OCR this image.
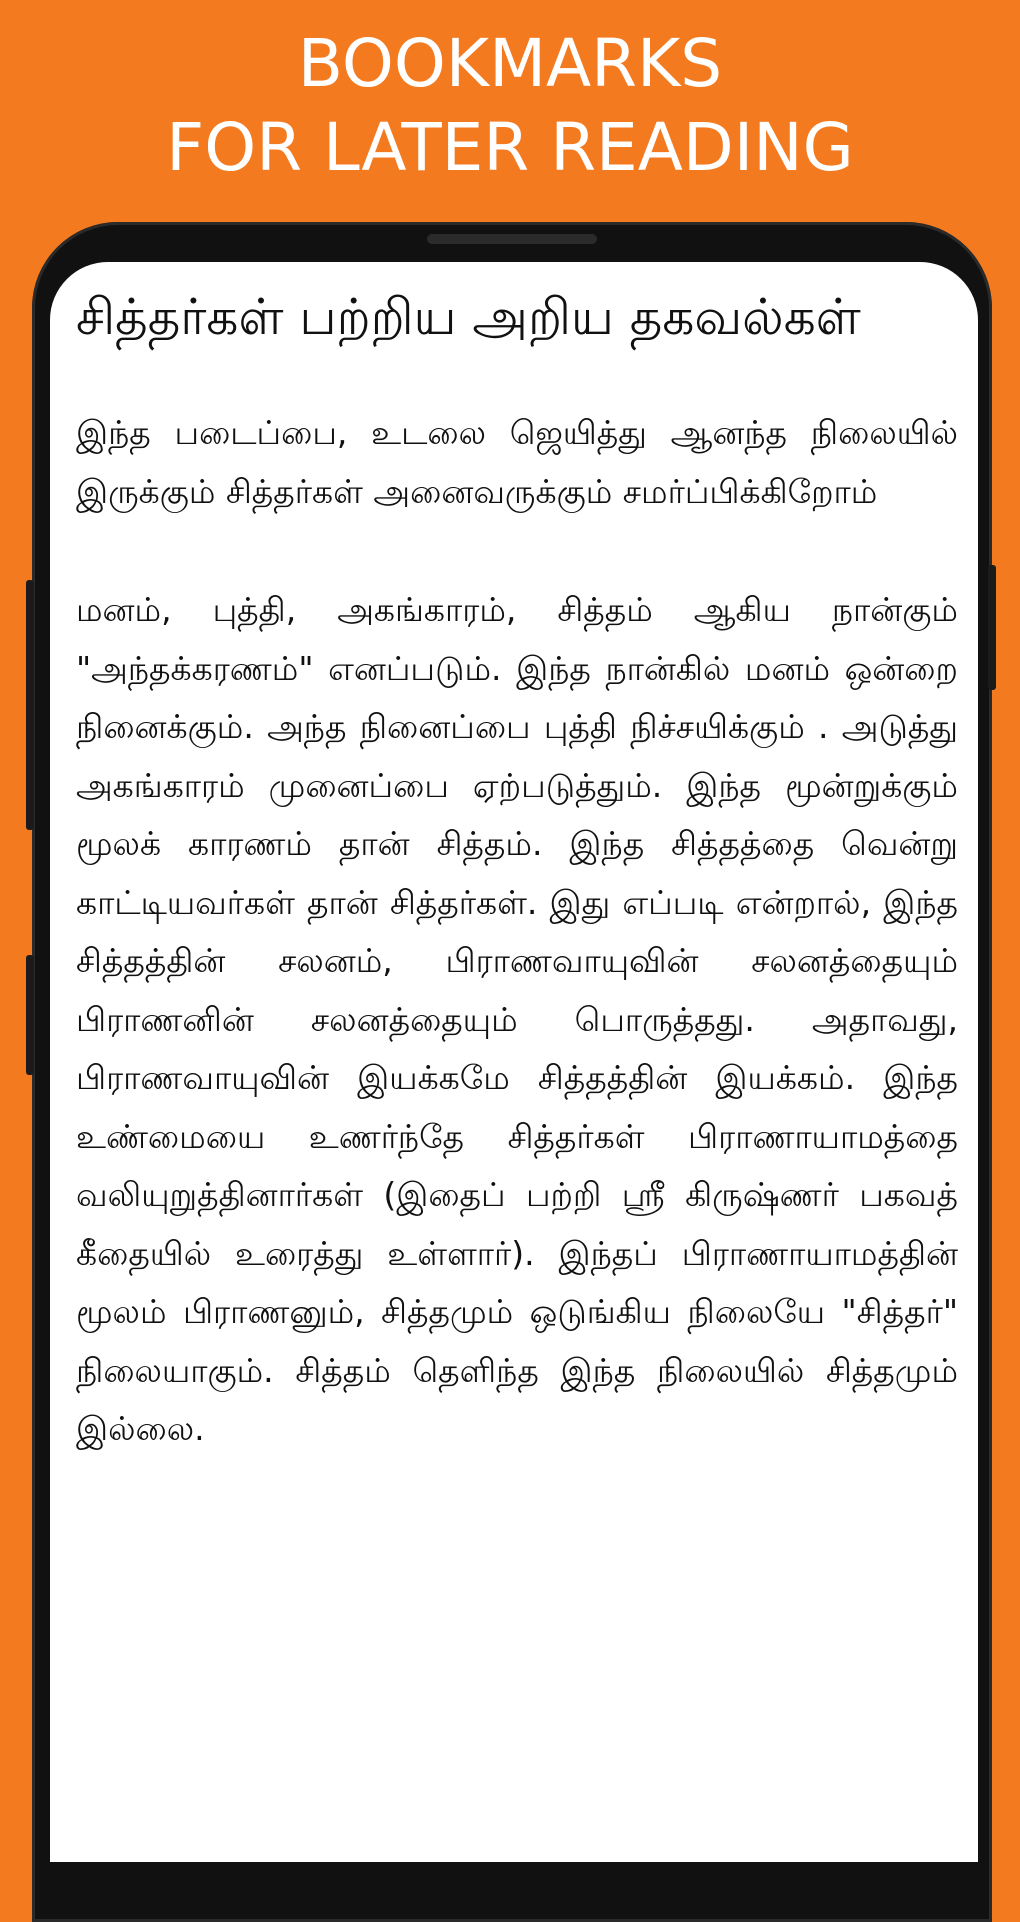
BOOKMARKS
FOR LATER READING

சித்தர்கள் பற்றிய அறிய தகவல்கள்

இந்த படைப்பை, உடலை ஜெயித்து ஆனந்த நிலையில் இருக்கும் சித்தர்கள் அனைவருக்கும் சமர்ப்பிக்கிறோம்

மனம், புத்தி, அகங்காரம், சித்தம் ஆகிய நான்கும் "அந்தக்கரணம்" எனப்படும். இந்த நான்கில் மனம் ஒன்றை நினைக்கும். அந்த நினைப்பை புத்தி நிச்சயிக்கும் . அடுத்து அகங்காரம் முனைப்பை ஏற்படுத்தும். இந்த மூன்றுக்கும் மூலக் காரணம் தான் சித்தம். இந்த சித்தத்தை வென்று காட்டியவர்கள் தான் சித்தர்கள். இது எப்படி என்றால், இந்த சித்தத்தின் சலனம், பிராணவாயுவின் சலனத்தையும் பிராணனின் சலனத்தையும் பொருத்தது. அதாவது, பிராணவாயுவின் இயக்கமே சித்தத்தின் இயக்கம். இந்த உண்மையை உணர்ந்தே சித்தர்கள் பிராணாயாமத்தை வலியுறுத்தினார்கள் (இதைப் பற்றி ஸ்ரீ கிருஷ்ணர் பகவத் கீதையில் உரைத்து உள்ளார்). இந்தப் பிராணாயாமத்தின் மூலம் பிராணனும், சித்தமும் ஒடுங்கிய நிலையே "சித்தர்" நிலையாகும். சித்தம் தெளிந்த இந்த நிலையில் சித்தமும் இல்லை.
